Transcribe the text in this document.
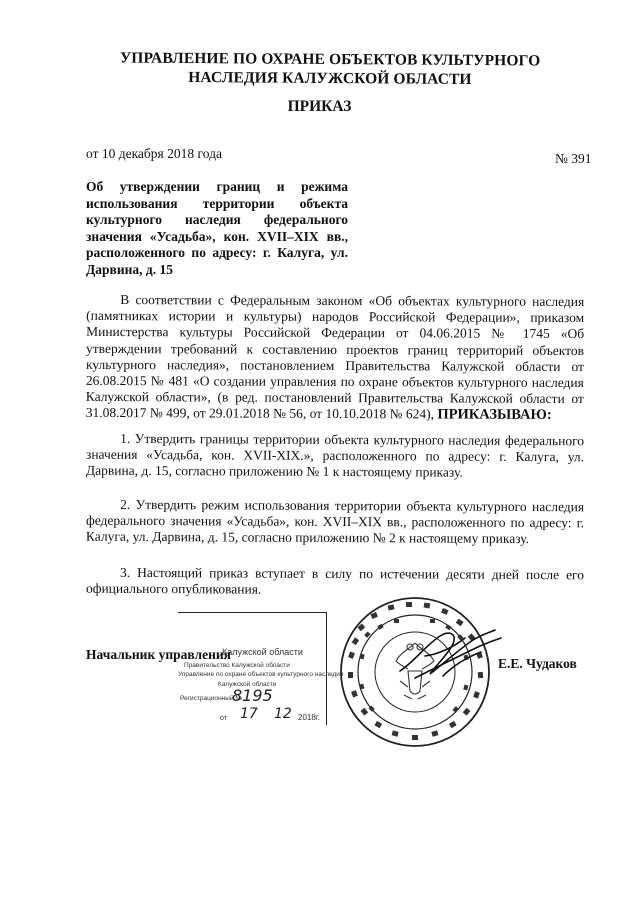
УПРАВЛЕНИЕ ПО ОХРАНЕ ОБЪЕКТОВ КУЛЬТУРНОГО НАСЛЕДИЯ КАЛУЖСКОЙ ОБЛАСТИ
ПРИКАЗ
от 10 декабря 2018 года	№ 391
Об утверждении границ и режима использования территории объекта культурного наследия федерального значения «Усадьба», кон. XVII–XIX вв., расположенного по адресу: г. Калуга, ул. Дарвина, д. 15
В соответствии с Федеральным законом «Об объектах культурного наследия (памятниках истории и культуры) народов Российской Федерации», приказом Министерства культуры Российской Федерации от 04.06.2015 № 1745 «Об утверждении требований к составлению проектов границ территорий объектов культурного наследия», постановлением Правительства Калужской области от 26.08.2015 № 481 «О создании управления по охране объектов культурного наследия Калужской области», (в ред. постановлений Правительства Калужской области от 31.08.2017 № 499, от 29.01.2018 № 56, от 10.10.2018 № 624), ПРИКАЗЫВАЮ:
1. Утвердить границы территории объекта культурного наследия федерального значения «Усадьба, кон. XVII-XIX.», расположенного по адресу: г. Калуга, ул. Дарвина, д. 15, согласно приложению № 1 к настоящему приказу.
2. Утвердить режим использования территории объекта культурного наследия федерального значения «Усадьба», кон. XVII–XIX вв., расположенного по адресу: г. Калуга, ул. Дарвина, д. 15, согласно приложению № 2 к настоящему приказу.
3. Настоящий приказ вступает в силу по истечении десяти дней после его официального опубликования.
Калужской области
Правительство Калужской области
Управление по охране объектов культурного наследия
Калужской области
Регистрационный №
8195
от 17 12 2018г.
Начальник управления
Е.Е. Чудаков
